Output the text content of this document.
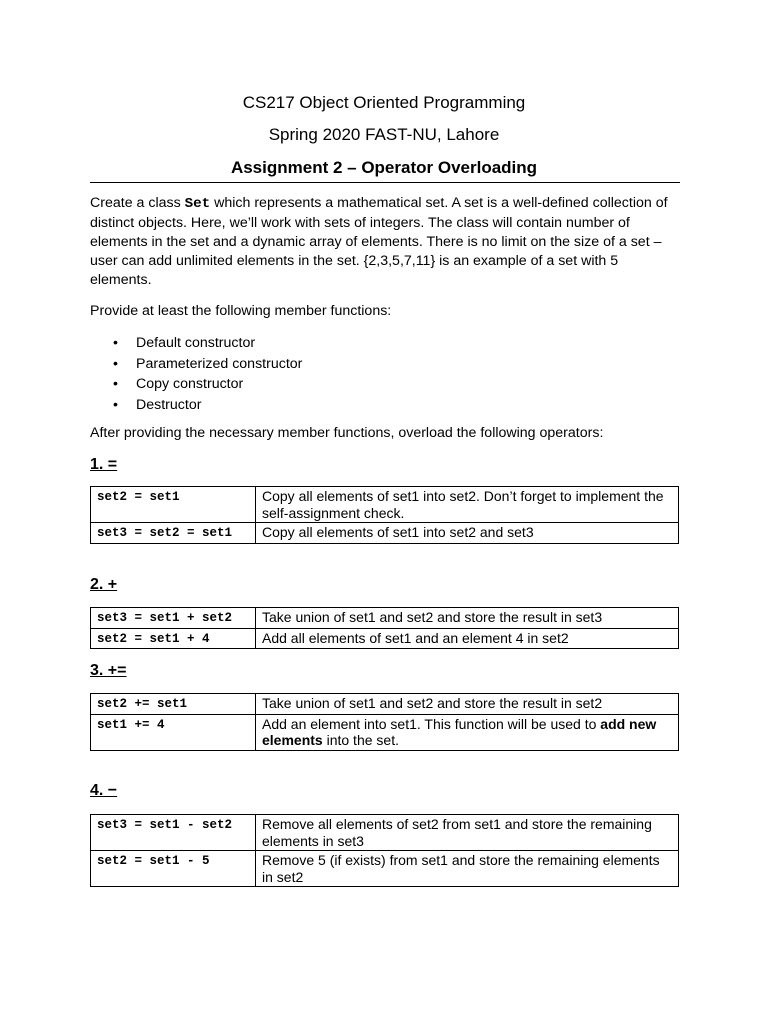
CS217 Object Oriented Programming
Spring 2020 FAST-NU, Lahore
Assignment 2 – Operator Overloading
Create a class Set which represents a mathematical set. A set is a well-defined collection of distinct objects. Here, we’ll work with sets of integers. The class will contain number of elements in the set and a dynamic array of elements. There is no limit on the size of a set – user can add unlimited elements in the set. {2,3,5,7,11} is an example of a set with 5 elements.
Provide at least the following member functions:
• Default constructor
• Parameterized constructor
• Copy constructor
• Destructor
After providing the necessary member functions, overload the following operators:
1. =
set2 = set1	Copy all elements of set1 into set2. Don’t forget to implement the self-assignment check.
set3 = set2 = set1	Copy all elements of set1 into set2 and set3
2. +
set3 = set1 + set2	Take union of set1 and set2 and store the result in set3
set2 = set1 + 4	Add all elements of set1 and an element 4 in set2
3. +=
set2 += set1	Take union of set1 and set2 and store the result in set2
set1 += 4	Add an element into set1. This function will be used to add new elements into the set.
4. −
set3 = set1 - set2	Remove all elements of set2 from set1 and store the remaining elements in set3
set2 = set1 - 5	Remove 5 (if exists) from set1 and store the remaining elements in set2
